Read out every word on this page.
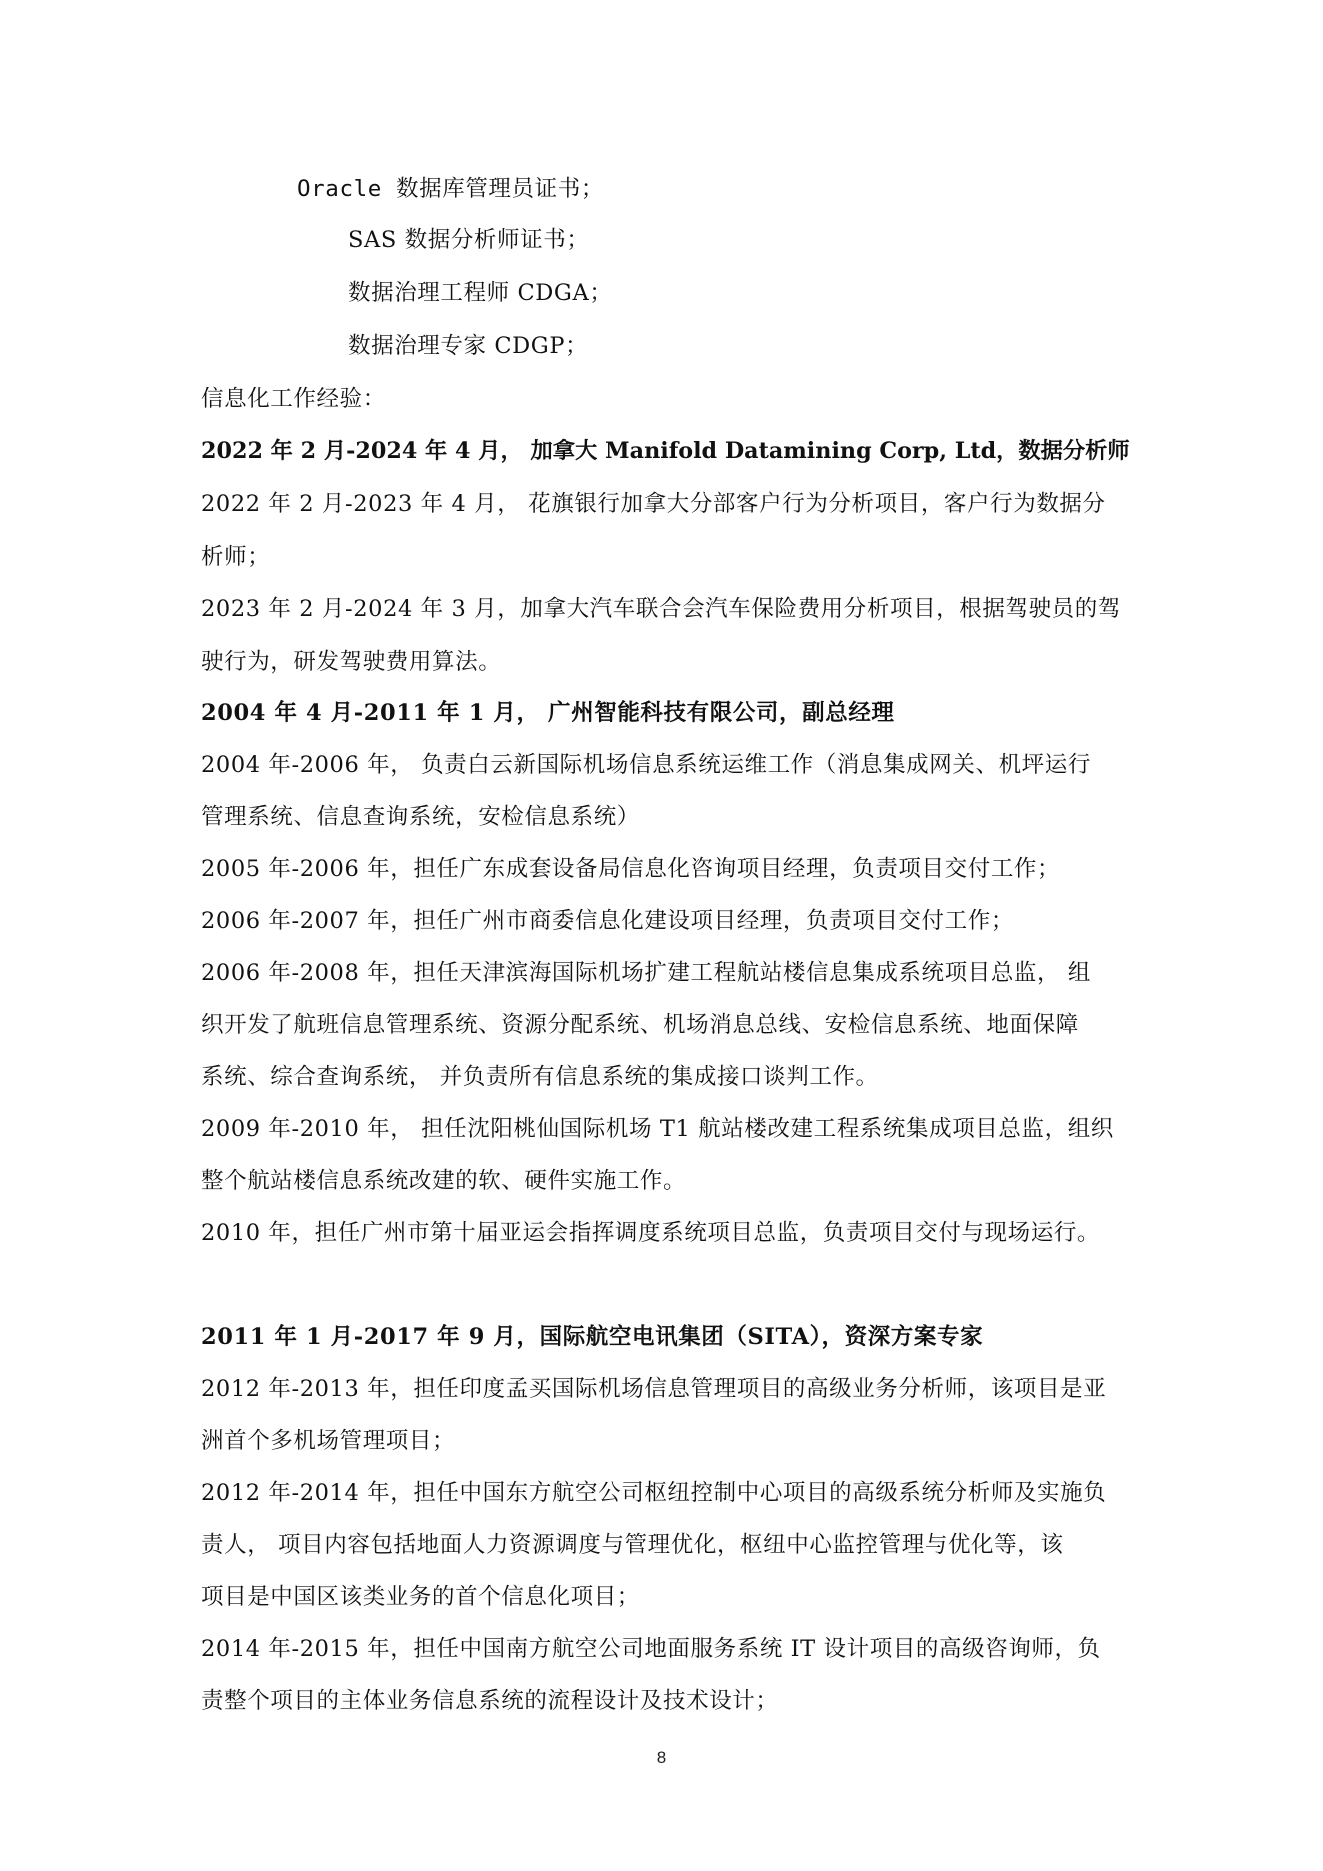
Oracle 数据库管理员证书；
SAS 数据分析师证书；
数据治理工程师 CDGA；
数据治理专家 CDGP；
信息化工作经验：
2022 年 2 月-2024 年 4 月， 加拿大 Manifold Datamining Corp, Ltd，数据分析师
2022 年 2 月-2023 年 4 月， 花旗银行加拿大分部客户行为分析项目，客户行为数据分
析师；
2023 年 2 月-2024 年 3 月，加拿大汽车联合会汽车保险费用分析项目，根据驾驶员的驾
驶行为，研发驾驶费用算法。
2004 年 4 月-2011 年 1 月， 广州智能科技有限公司，副总经理
2004 年-2006 年， 负责白云新国际机场信息系统运维工作（消息集成网关、机坪运行
管理系统、信息查询系统，安检信息系统）
2005 年-2006 年，担任广东成套设备局信息化咨询项目经理，负责项目交付工作；
2006 年-2007 年，担任广州市商委信息化建设项目经理，负责项目交付工作；
2006 年-2008 年，担任天津滨海国际机场扩建工程航站楼信息集成系统项目总监， 组
织开发了航班信息管理系统、资源分配系统、机场消息总线、安检信息系统、地面保障
系统、综合查询系统， 并负责所有信息系统的集成接口谈判工作。
2009 年-2010 年， 担任沈阳桃仙国际机场 T1 航站楼改建工程系统集成项目总监，组织
整个航站楼信息系统改建的软、硬件实施工作。
2010 年，担任广州市第十届亚运会指挥调度系统项目总监，负责项目交付与现场运行。
2011 年 1 月-2017 年 9 月，国际航空电讯集团（SITA），资深方案专家
2012 年-2013 年，担任印度孟买国际机场信息管理项目的高级业务分析师，该项目是亚
洲首个多机场管理项目；
2012 年-2014 年，担任中国东方航空公司枢纽控制中心项目的高级系统分析师及实施负
责人， 项目内容包括地面人力资源调度与管理优化，枢纽中心监控管理与优化等，该
项目是中国区该类业务的首个信息化项目；
2014 年-2015 年，担任中国南方航空公司地面服务系统 IT 设计项目的高级咨询师，负
责整个项目的主体业务信息系统的流程设计及技术设计；
8
